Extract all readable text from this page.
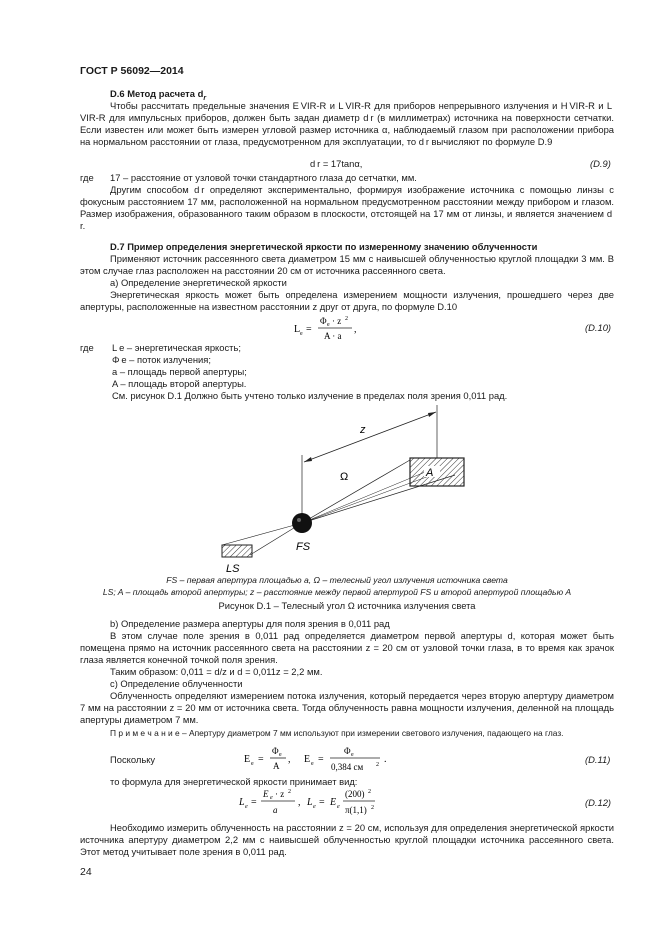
ГОСТ Р 56092—2014
D.6 Метод расчета $d_r$
Чтобы рассчитать предельные значения E VIR-R и L VIR-R для приборов непрерывного излучения и H VIR-R и L VIR-R для импульсных приборов, должен быть задан диаметр d r (в миллиметрах) источника на поверхности сетчатки. Если известен или может быть измерен угловой размер источника α, наблюдаемый глазом при расположении прибора на нормальном расстоянии от глаза, предусмотренном для эксплуатации, то d r вычисляют по формуле D.9
d r = 17tanα,	(D.9)
где 17 – расстояние от узловой точки стандартного глаза до сетчатки, мм.
Другим способом d r определяют экспериментально, формируя изображение источника с помощью линзы с фокусным расстоянием 17 мм, расположенной на нормальном предусмотренном расстоянии между прибором и глазом. Размер изображения, образованного таким образом в плоскости, отстоящей на 17 мм от линзы, и является значением d r.
D.7 Пример определения энергетической яркости по измеренному значению облученности
Применяют источник рассеянного света диаметром 15 мм с наивысшей облученностью круглой площадки 3 мм. В этом случае глаз расположен на расстоянии 20 см от источника рассеянного света.
а) Определение энергетической яркости
Энергетическая яркость может быть определена измерением мощности излучения, прошедшего через две апертуры, расположенные на известном расстоянии z друг от друга, по формуле D.10
L e =
Φ e · z 2
A · a
,	(D.10)
где L e – энергетическая яркость;
Φ e – поток излучения;
a – площадь первой апертуры;
A – площадь второй апертуры.
См. рисунок D.1 Должно быть учтено только излучение в пределах поля зрения 0,011 рад.
z
Ω	A
FS
LS
FS – первая апертура площадью a, Ω – телесный угол излучения источника света
LS; A – площадь второй апертуры; z – расстояние между первой апертурой FS и второй апертурой площадью A
Рисунок D.1 – Телесный угол Ω источника излучения света
b) Определение размера апертуры для поля зрения в 0,011 рад
В этом случае поле зрения в 0,011 рад определяется диаметром первой апертуры d, которая может быть помещена прямо на источник рассеянного света на расстоянии z = 20 см от узловой точки глаза, в то время как зрачок глаза является конечной точкой поля зрения.
Таким образом: 0,011 = d/z и d = 0,011z = 2,2 мм.
c) Определение облученности
Облученность определяют измерением потока излучения, который передается через вторую апертуру диаметром 7 мм на расстоянии z = 20 мм от источника света. Тогда облученность равна мощности излучения, деленной на площадь апертуры диаметром 7 мм.
П р и м е ч а н и е – Апертуру диаметром 7 мм используют при измерении светового излучения, падающего на глаз.
Поскольку	E e =
Φ e
A
, E e =
Φ e
0,384 см 2 .	(D.11)
то формула для энергетической яркости принимает вид:
L e =
E e · z 2
a
, L e = E e
(200) 2
π(1,1) 2	(D.12)
Необходимо измерить облученность на расстоянии z = 20 см, используя для определения энергетической яркости источника апертуру диаметром 2,2 мм с наивысшей облученностью круглой площадки источника рассеянного света. Этот метод учитывает поле зрения в 0,011 рад.
24
